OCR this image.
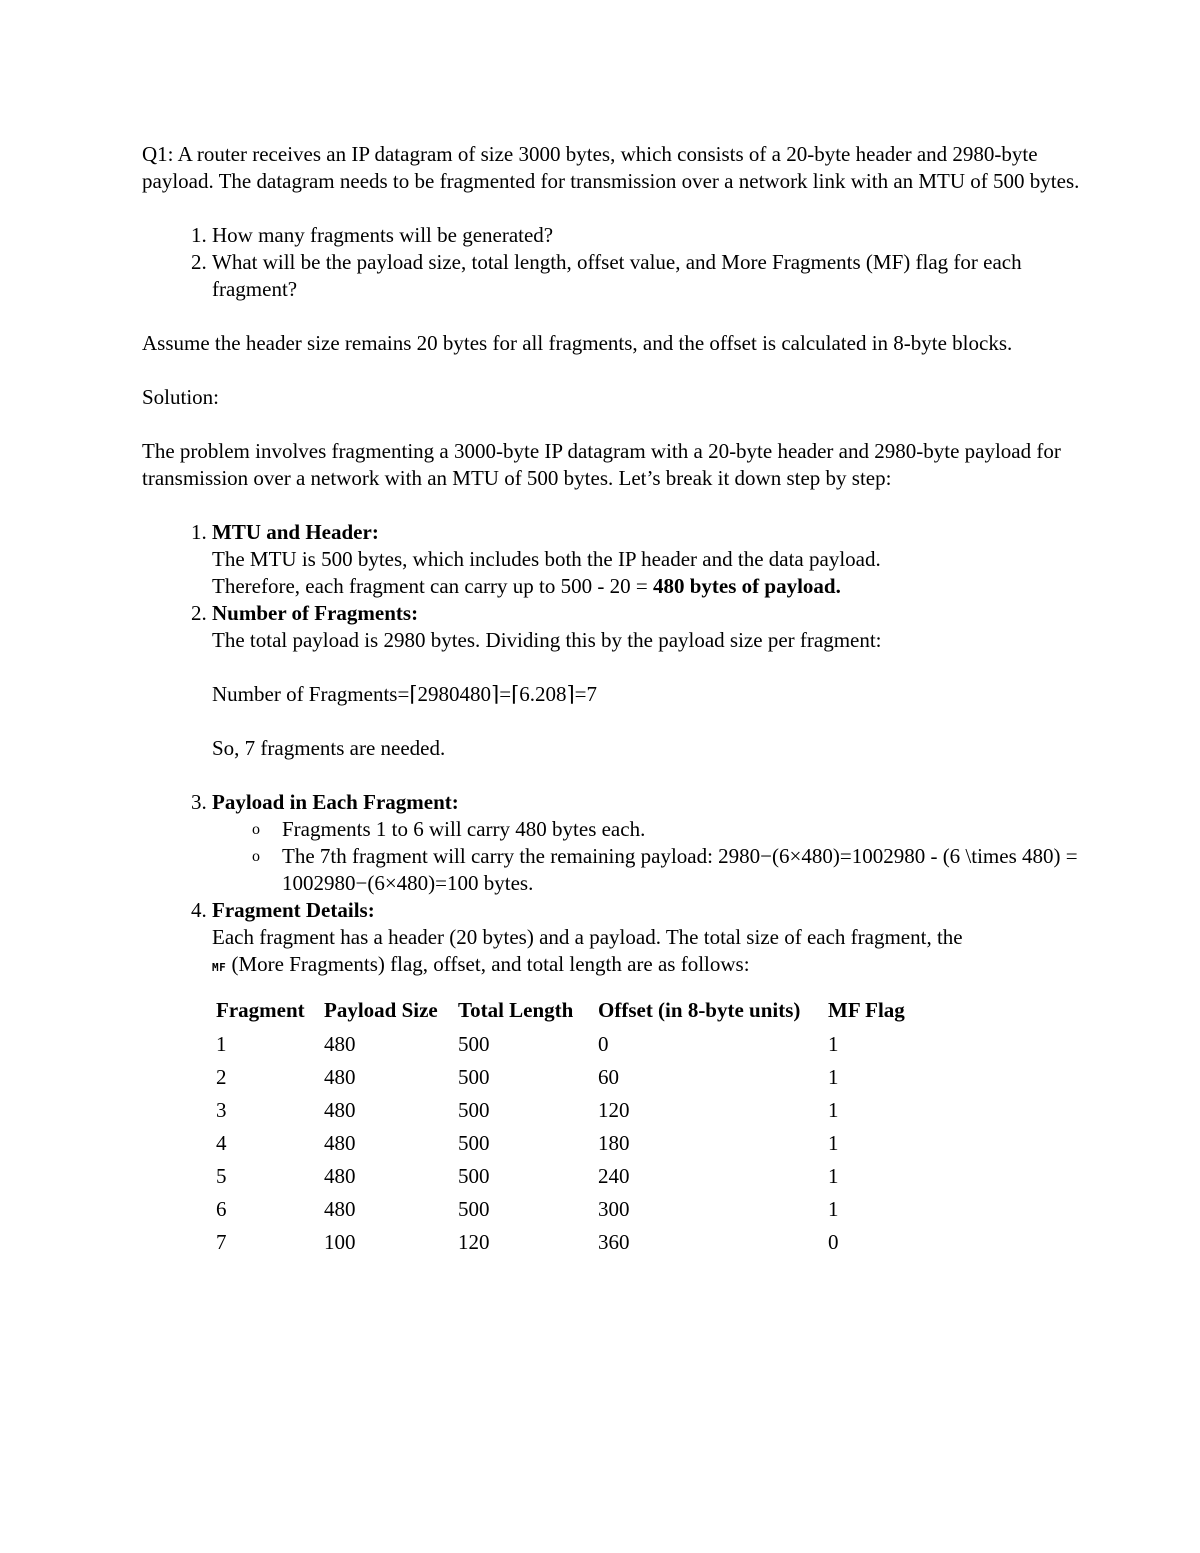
Q1: A router receives an IP datagram of size 3000 bytes, which consists of a 20-byte header and 2980-byte payload. The datagram needs to be fragmented for transmission over a network link with an MTU of 500 bytes.

1. How many fragments will be generated?
2. What will be the payload size, total length, offset value, and More Fragments (MF) flag for each fragment?

Assume the header size remains 20 bytes for all fragments, and the offset is calculated in 8-byte blocks.

Solution:

The problem involves fragmenting a 3000-byte IP datagram with a 20-byte header and 2980-byte payload for transmission over a network with an MTU of 500 bytes. Let’s break it down step by step:

1. MTU and Header:
The MTU is 500 bytes, which includes both the IP header and the data payload.
Therefore, each fragment can carry up to 500 - 20 = 480 bytes of payload.
2. Number of Fragments:
The total payload is 2980 bytes. Dividing this by the payload size per fragment:
Number of Fragments=⌈2980480⌉=⌈6.208⌉=7
So, 7 fragments are needed.
3. Payload in Each Fragment:
o Fragments 1 to 6 will carry 480 bytes each.
o The 7th fragment will carry the remaining payload: 2980−(6×480)=1002980 - (6 \times 480) = 1002980−(6×480)=100 bytes.
4. Fragment Details:
Each fragment has a header (20 bytes) and a payload. The total size of each fragment, the
MF (More Fragments) flag, offset, and total length are as follows:
Fragment	Payload Size	Total Length	Offset (in 8-byte units)	MF Flag
1	480	500	0	1
2	480	500	60	1
3	480	500	120	1
4	480	500	180	1
5	480	500	240	1
6	480	500	300	1
7	100	120	360	0
